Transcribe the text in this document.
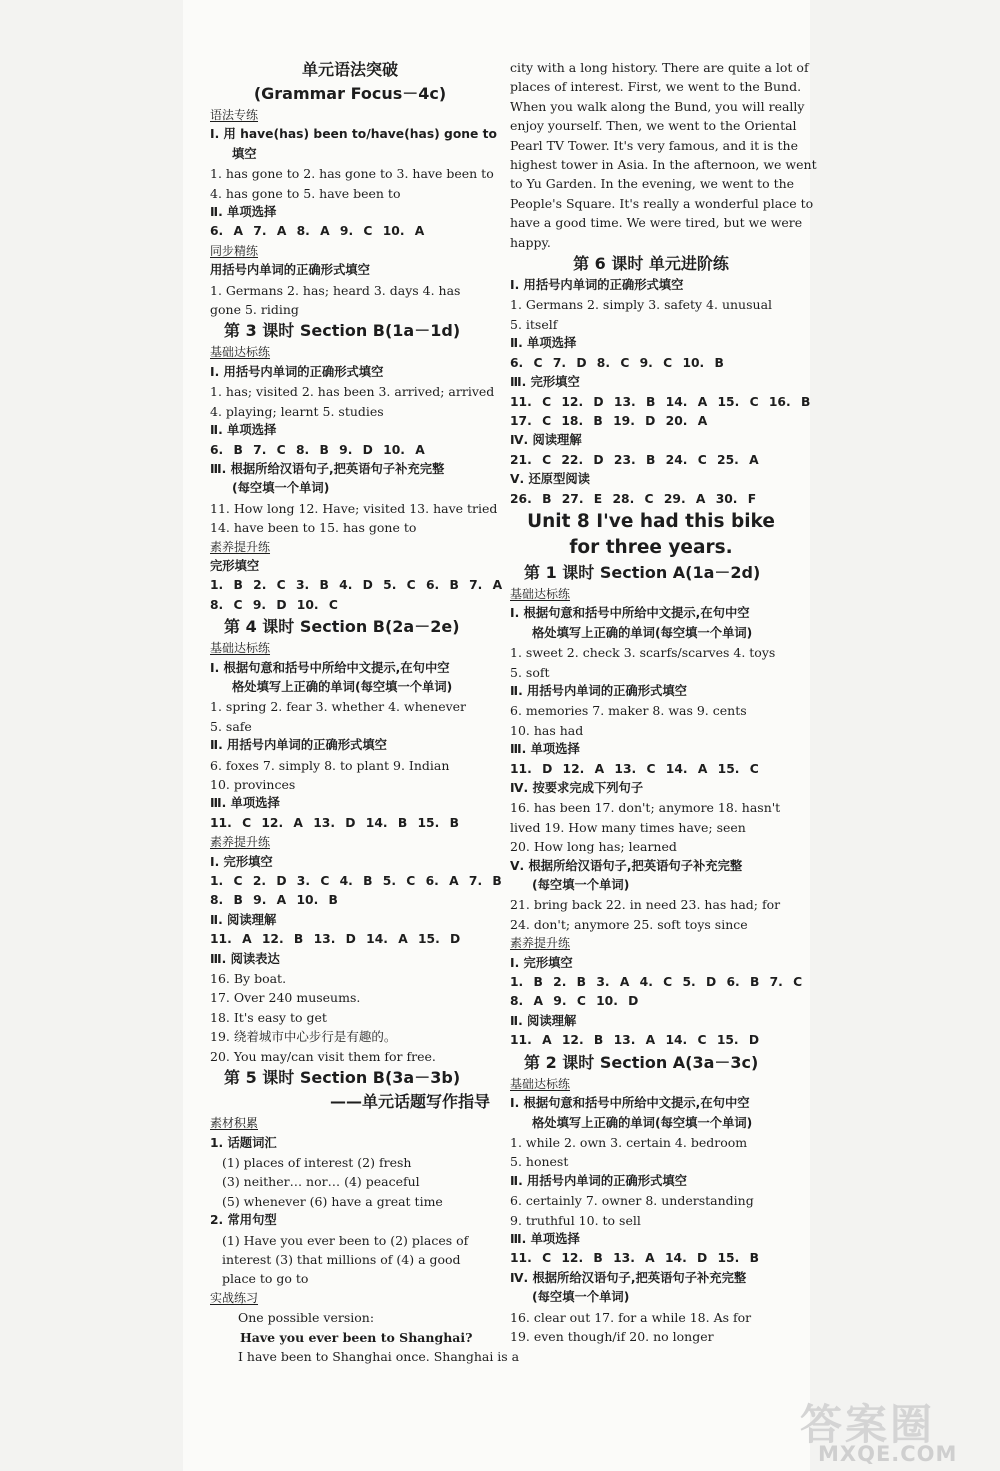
单元语法突破
(Grammar Focus－4c)
语法专练
Ⅰ. 用 have(has) been to/have(has) gone to
填空
1. has gone to 2. has gone to 3. have been to
4. has gone to 5. have been to
Ⅱ. 单项选择
6. A 7. A 8. A 9. C 10. A
同步精练
用括号内单词的正确形式填空
1. Germans 2. has; heard 3. days 4. has
gone 5. riding
第 3 课时 Section B(1a－1d)
基础达标练
Ⅰ. 用括号内单词的正确形式填空
1. has; visited 2. has been 3. arrived; arrived
4. playing; learnt 5. studies
Ⅱ. 单项选择
6. B 7. C 8. B 9. D 10. A
Ⅲ. 根据所给汉语句子,把英语句子补充完整
(每空填一个单词)
11. How long 12. Have; visited 13. have tried
14. have been to 15. has gone to
素养提升练
完形填空
1. B 2. C 3. B 4. D 5. C 6. B 7. A
8. C 9. D 10. C
第 4 课时 Section B(2a－2e)
基础达标练
Ⅰ. 根据句意和括号中所给中文提示,在句中空
格处填写上正确的单词(每空填一个单词)
1. spring 2. fear 3. whether 4. whenever
5. safe
Ⅱ. 用括号内单词的正确形式填空
6. foxes 7. simply 8. to plant 9. Indian
10. provinces
Ⅲ. 单项选择
11. C 12. A 13. D 14. B 15. B
素养提升练
Ⅰ. 完形填空
1. C 2. D 3. C 4. B 5. C 6. A 7. B
8. B 9. A 10. B
Ⅱ. 阅读理解
11. A 12. B 13. D 14. A 15. D
Ⅲ. 阅读表达
16. By boat.
17. Over 240 museums.
18. It's easy to get
19. 绕着城市中心步行是有趣的。
20. You may/can visit them for free.
第 5 课时 Section B(3a－3b)
——单元话题写作指导
素材积累
1. 话题词汇
(1) places of interest (2) fresh
(3) neither… nor… (4) peaceful
(5) whenever (6) have a great time
2. 常用句型
(1) Have you ever been to (2) places of
interest (3) that millions of (4) a good
place to go to
实战练习
One possible version:
Have you ever been to Shanghai?
I have been to Shanghai once. Shanghai is a
city with a long history. There are quite a lot of
places of interest. First, we went to the Bund.
When you walk along the Bund, you will really
enjoy yourself. Then, we went to the Oriental
Pearl TV Tower. It's very famous, and it is the
highest tower in Asia. In the afternoon, we went
to Yu Garden. In the evening, we went to the
People's Square. It's really a wonderful place to
have a good time. We were tired, but we were
happy.
第 6 课时 单元进阶练
Ⅰ. 用括号内单词的正确形式填空
1. Germans 2. simply 3. safety 4. unusual
5. itself
Ⅱ. 单项选择
6. C 7. D 8. C 9. C 10. B
Ⅲ. 完形填空
11. C 12. D 13. B 14. A 15. C 16. B
17. C 18. B 19. D 20. A
Ⅳ. 阅读理解
21. C 22. D 23. B 24. C 25. A
Ⅴ. 还原型阅读
26. B 27. E 28. C 29. A 30. F
Unit 8 I've had this bike
for three years.
第 1 课时 Section A(1a－2d)
基础达标练
Ⅰ. 根据句意和括号中所给中文提示,在句中空
格处填写上正确的单词(每空填一个单词)
1. sweet 2. check 3. scarfs/scarves 4. toys
5. soft
Ⅱ. 用括号内单词的正确形式填空
6. memories 7. maker 8. was 9. cents
10. has had
Ⅲ. 单项选择
11. D 12. A 13. C 14. A 15. C
Ⅳ. 按要求完成下列句子
16. has been 17. don't; anymore 18. hasn't
lived 19. How many times have; seen
20. How long has; learned
Ⅴ. 根据所给汉语句子,把英语句子补充完整
(每空填一个单词)
21. bring back 22. in need 23. has had; for
24. don't; anymore 25. soft toys since
素养提升练
Ⅰ. 完形填空
1. B 2. B 3. A 4. C 5. D 6. B 7. C
8. A 9. C 10. D
Ⅱ. 阅读理解
11. A 12. B 13. A 14. C 15. D
第 2 课时 Section A(3a－3c)
基础达标练
Ⅰ. 根据句意和括号中所给中文提示,在句中空
格处填写上正确的单词(每空填一个单词)
1. while 2. own 3. certain 4. bedroom
5. honest
Ⅱ. 用括号内单词的正确形式填空
6. certainly 7. owner 8. understanding
9. truthful 10. to sell
Ⅲ. 单项选择
11. C 12. B 13. A 14. D 15. B
Ⅳ. 根据所给汉语句子,把英语句子补充完整
(每空填一个单词)
16. clear out 17. for a while 18. As for
19. even though/if 20. no longer
答案圈
MXQE.COM
